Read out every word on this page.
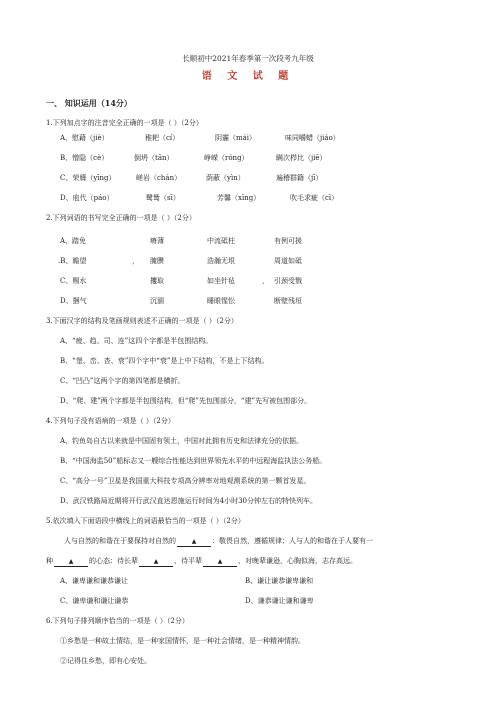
长顺初中2021年春季第一次段考九年级
语 文 试 题
一、 知识运用（14分）
1.下列加点字的注音完全正确的一项是（ ）（2分）
A、慰藉（jiè）	稚耙（cí）	阴霾（mái）	味同嚼蜡（jiáo）
B、憎隐（cè）	倒坍（tān）	峥嵘（róng）	瞒次栉比（jiē）
C、荣膺（yīng）	嵯岩（chán）	荫蔽（yìn）	遍稽群籍（jī）
D、庖代（páo）	鹭鸶（sī）	芳馨（xīng）	吹毛求疵（cī）
2.下列词语的书写完全正确的一项是（ ）（2分）
A、踏免	瘠薄	中流砥柱	有例可援
.B、瞻望	， 腌臜	浩瀚无垠	周道如砥
C、赐水	攫取	如坐针毡	， 引颈受戮
D、捆气	沉湎	睡眼惺忪	断壁残垣
3.下面汉字的结构及笔画规则表述不正确的一项是（ ）（2分）
A、“疲、趋、司、连”这四个字都是半包围结构。
B、“堡、峦、杏、衰”四个字中“衰”是上中下结构，不是上下结构。
C、“凹凸”这两个字的第四笔都是横折。
D、“爬、建”两个字都是半包围结构，但“爬”先包围部分，“建”先写被包围部分。
4.下列句子没有语病的一项是（ ）（2分）
A、钓鱼岛自古以来就是中国固有领土，中国对此拥有历史和法律充分的依据。
B、“中国海监50”船标志又一艘综合性能达到世界领先水平的中远程海监执法公务船。
C、“高分一号”卫星是我国重大科技专项高分辨率对地观测系统的第一颗首发星。
D、武汉铁路局近期将开行武汉直达恩施运行时间为4小时30分钟左右的特快列车。
5.依次填入下面语段中横线上的词语最恰当的一项是（ ）（2分）
人与自然的和谐在于要保持对自然的	▲ ：敬畏自然，遵循规律；人与人的和谐在于人要有一
种	▲ 的心态：待长辈	▲ 、待平辈	▲ 、对晚辈谦逊，心胸似海，志存高远。
A、谦卑谦和谦恭谦让	B、谦让谦恭谦卑谦和
C、谦卑谦和谦让谦恭	D、谦恭谦让谦和谦卑
6.下列句子排列顺序恰当的一项是（ ）（2分）
①乡愁是一种故土情结，是一种家国情怀，是一种社会情绪，是一种精神情韵。
②记得住乡愁，即有心安处。
